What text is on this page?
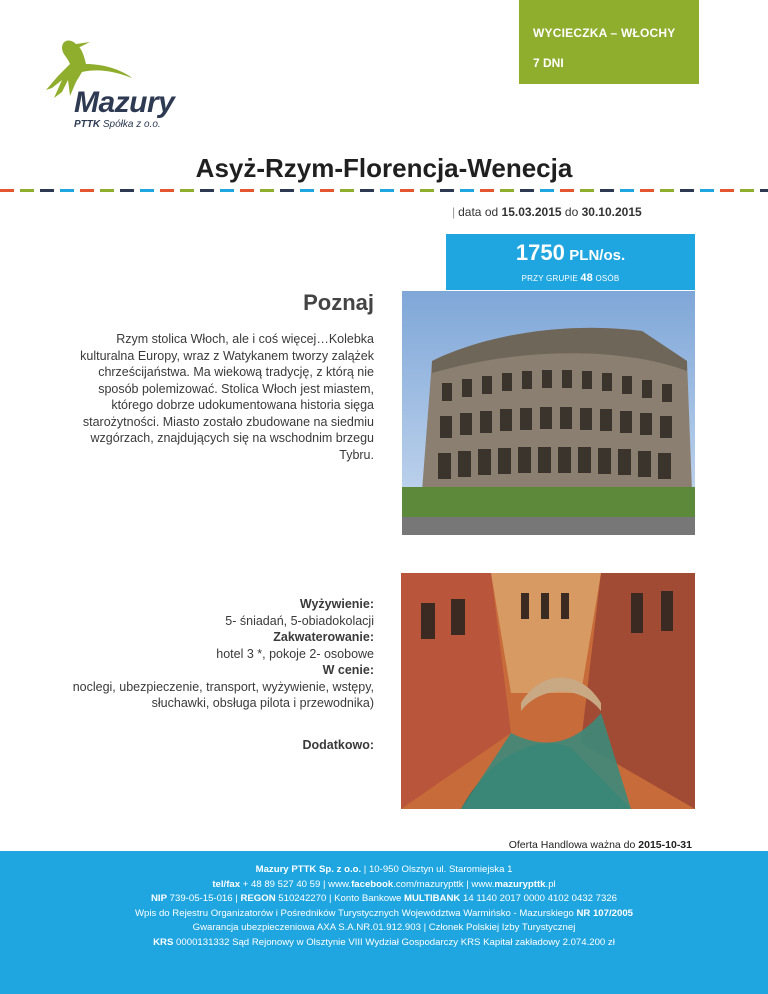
WYCIECZKA – WŁOCHY
7 DNI
Mazury
PTTK Spółka z o.o.
Asyż-Rzym-Florencja-Wenecja
| data od 15.03.2015 do 30.10.2015
1750 PLN/os.
PRZY GRUPIE 48 OSÓB
Poznaj
Rzym stolica Włoch, ale i coś więcej…Kolebka kulturalna Europy, wraz z Watykanem tworzy zalążek chrześcijaństwa. Ma wiekową tradycję, z którą nie sposób polemizować. Stolica Włoch jest miastem, którego dobrze udokumentowana historia sięga starożytności. Miasto zostało zbudowane na siedmiu wzgórzach, znajdujących się na wschodnim brzegu Tybru.
Wyżywienie:
5- śniadań, 5-obiadokolacji
Zakwaterowanie:
hotel 3 *, pokoje 2- osobowe
W cenie:
noclegi, ubezpieczenie, transport, wyżywienie, wstępy, słuchawki, obsługa pilota i przewodnika)
Dodatkowo:
Oferta Handlowa ważna do 2015-10-31
Mazury PTTK Sp. z o.o. | 10-950 Olsztyn ul. Staromiejska 1
tel/fax + 48 89 527 40 59 | www.facebook.com/mazurypttk | www.mazurypttk.pl
NIP 739-05-15-016 | REGON 510242270 | Konto Bankowe MULTIBANK 14 1140 2017 0000 4102 0432 7326
Wpis do Rejestru Organizatorów i Pośredników Turystycznych Województwa Warmińsko - Mazurskiego NR 107/2005
Gwarancja ubezpieczeniowa AXA S.A.NR.01.912.903 | Członek Polskiej Izby Turystycznej
KRS 0000131332 Sąd Rejonowy w Olsztynie VIII Wydział Gospodarczy KRS Kapitał zakładowy 2.074.200 zł
